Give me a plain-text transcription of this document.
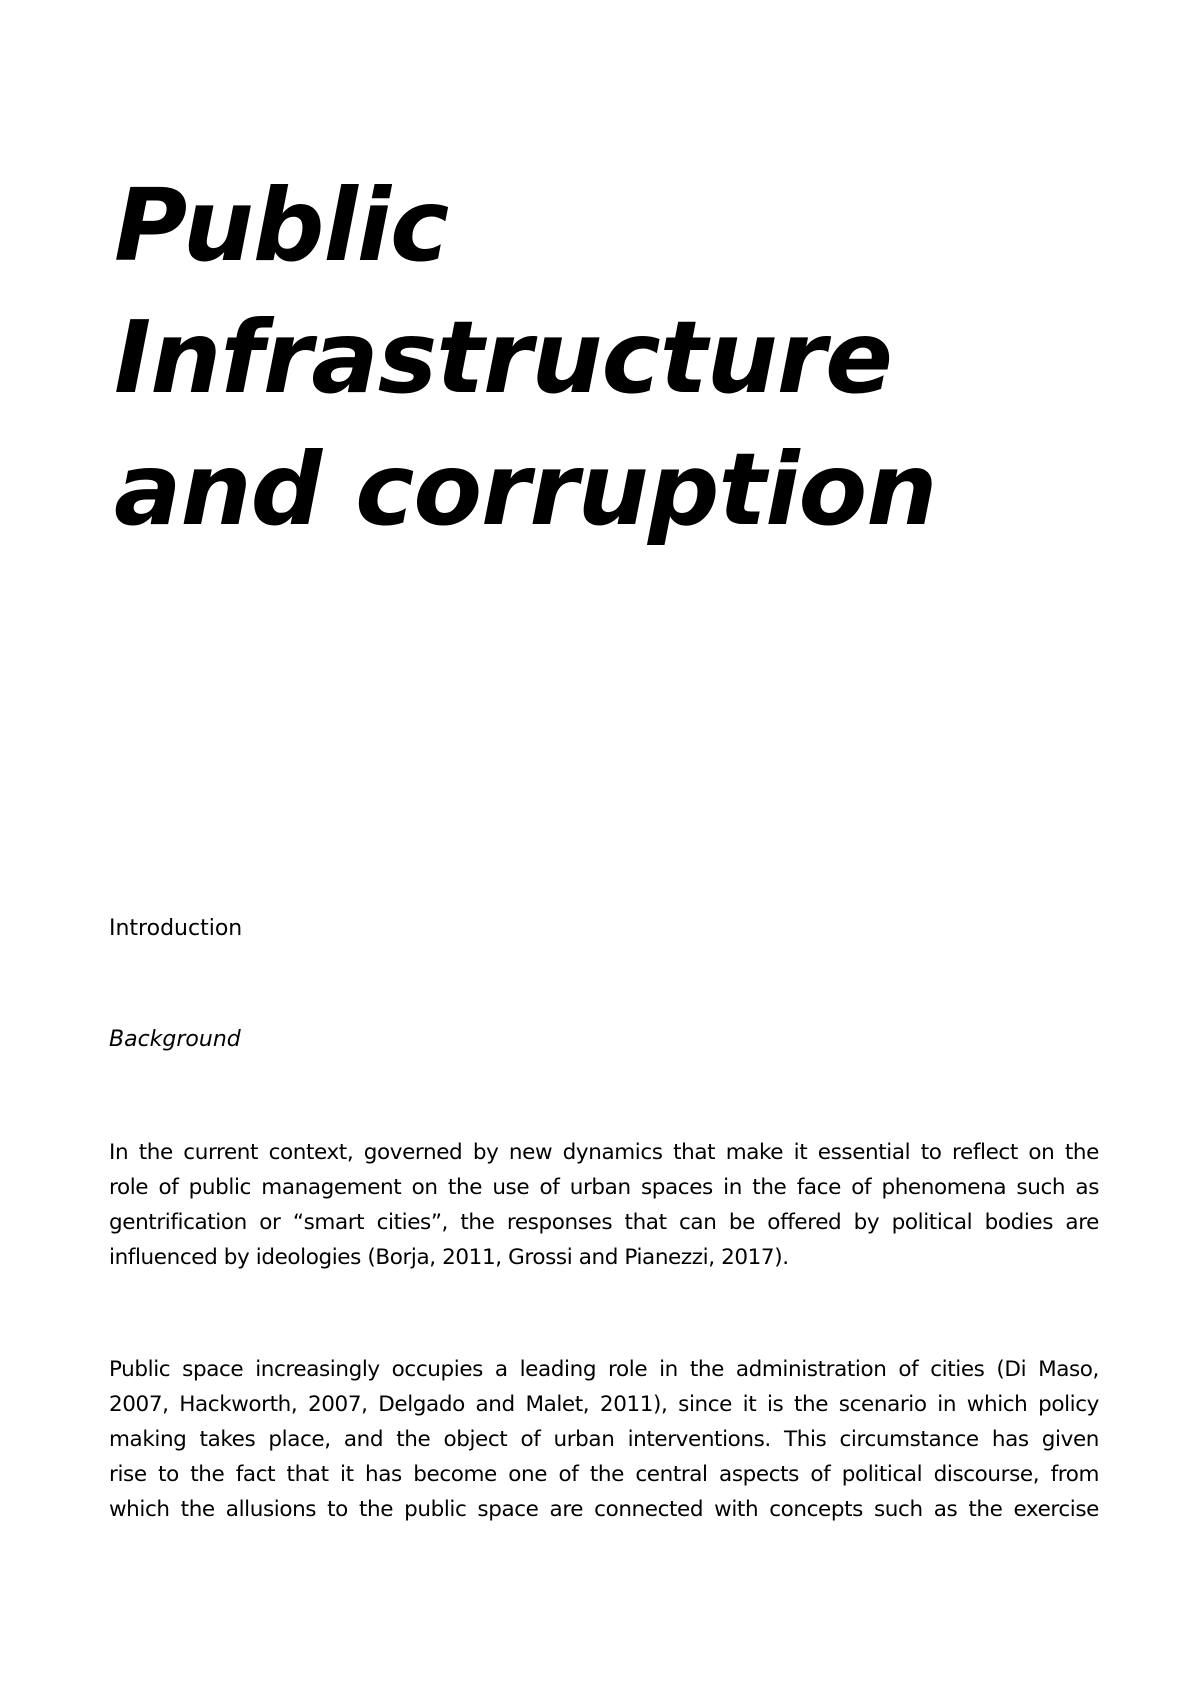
Public
Infrastructure
and corruption
Introduction
Background

In the current context, governed by new dynamics that make it essential to reflect on the
role of public management on the use of urban spaces in the face of phenomena such as
gentrification or “smart cities”, the responses that can be offered by political bodies are
influenced by ideologies (Borja, 2011, Grossi and Pianezzi, 2017).

Public space increasingly occupies a leading role in the administration of cities (Di Maso,
2007, Hackworth, 2007, Delgado and Malet, 2011), since it is the scenario in which policy
making takes place, and the object of urban interventions. This circumstance has given
rise to the fact that it has become one of the central aspects of political discourse, from
which the allusions to the public space are connected with concepts such as the exercise
